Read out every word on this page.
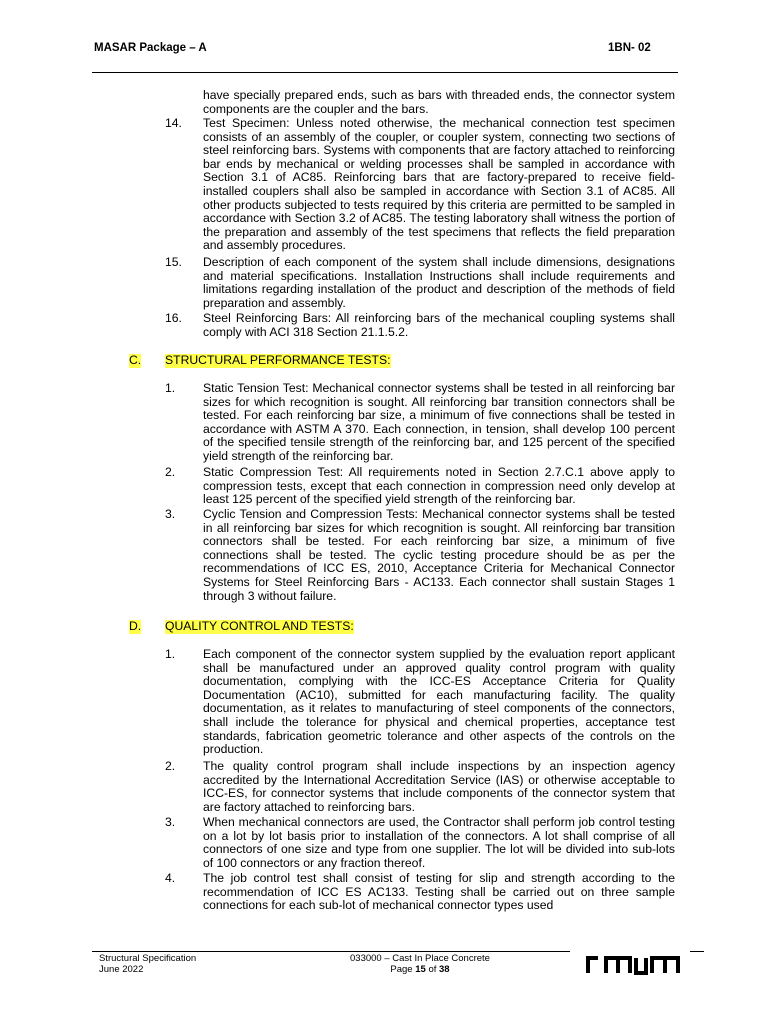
MASAR Package – A	1BN- 02
have specially prepared ends, such as bars with threaded ends, the connector system components are the coupler and the bars.
14.	Test Specimen: Unless noted otherwise, the mechanical connection test specimen consists of an assembly of the coupler, or coupler system, connecting two sections of steel reinforcing bars. Systems with components that are factory attached to reinforcing bar ends by mechanical or welding processes shall be sampled in accordance with Section 3.1 of AC85. Reinforcing bars that are factory-prepared to receive field- installed couplers shall also be sampled in accordance with Section 3.1 of AC85. All other products subjected to tests required by this criteria are permitted to be sampled in accordance with Section 3.2 of AC85. The testing laboratory shall witness the portion of the preparation and assembly of the test specimens that reflects the field preparation and assembly procedures.
15.	Description of each component of the system shall include dimensions, designations and material specifications. Installation Instructions shall include requirements and limitations regarding installation of the product and description of the methods of field preparation and assembly.
16.	Steel Reinforcing Bars: All reinforcing bars of the mechanical coupling systems shall comply with ACI 318 Section 21.1.5.2.
C. STRUCTURAL PERFORMANCE TESTS:
1.	Static Tension Test: Mechanical connector systems shall be tested in all reinforcing bar sizes for which recognition is sought. All reinforcing bar transition connectors shall be tested. For each reinforcing bar size, a minimum of five connections shall be tested in accordance with ASTM A 370. Each connection, in tension, shall develop 100 percent of the specified tensile strength of the reinforcing bar, and 125 percent of the specified yield strength of the reinforcing bar.
2.	Static Compression Test: All requirements noted in Section 2.7.C.1 above apply to compression tests, except that each connection in compression need only develop at least 125 percent of the specified yield strength of the reinforcing bar.
3.	Cyclic Tension and Compression Tests: Mechanical connector systems shall be tested in all reinforcing bar sizes for which recognition is sought. All reinforcing bar transition connectors shall be tested. For each reinforcing bar size, a minimum of five connections shall be tested. The cyclic testing procedure should be as per the recommendations of ICC ES, 2010, Acceptance Criteria for Mechanical Connector Systems for Steel Reinforcing Bars - AC133. Each connector shall sustain Stages 1 through 3 without failure.
D. QUALITY CONTROL AND TESTS:
1.	Each component of the connector system supplied by the evaluation report applicant shall be manufactured under an approved quality control program with quality documentation, complying with the ICC-ES Acceptance Criteria for Quality Documentation (AC10), submitted for each manufacturing facility. The quality documentation, as it relates to manufacturing of steel components of the connectors, shall include the tolerance for physical and chemical properties, acceptance test standards, fabrication geometric tolerance and other aspects of the controls on the production.
2.	The quality control program shall include inspections by an inspection agency accredited by the International Accreditation Service (IAS) or otherwise acceptable to ICC-ES, for connector systems that include components of the connector system that are factory attached to reinforcing bars.
3.	When mechanical connectors are used, the Contractor shall perform job control testing on a lot by lot basis prior to installation of the connectors. A lot shall comprise of all connectors of one size and type from one supplier. The lot will be divided into sub-lots of 100 connectors or any fraction thereof.
4.	The job control test shall consist of testing for slip and strength according to the recommendation of ICC ES AC133. Testing shall be carried out on three sample connections for each sub-lot of mechanical connector types used
Structural Specification
June 2022
033000 – Cast In Place Concrete
Page 15 of 38
